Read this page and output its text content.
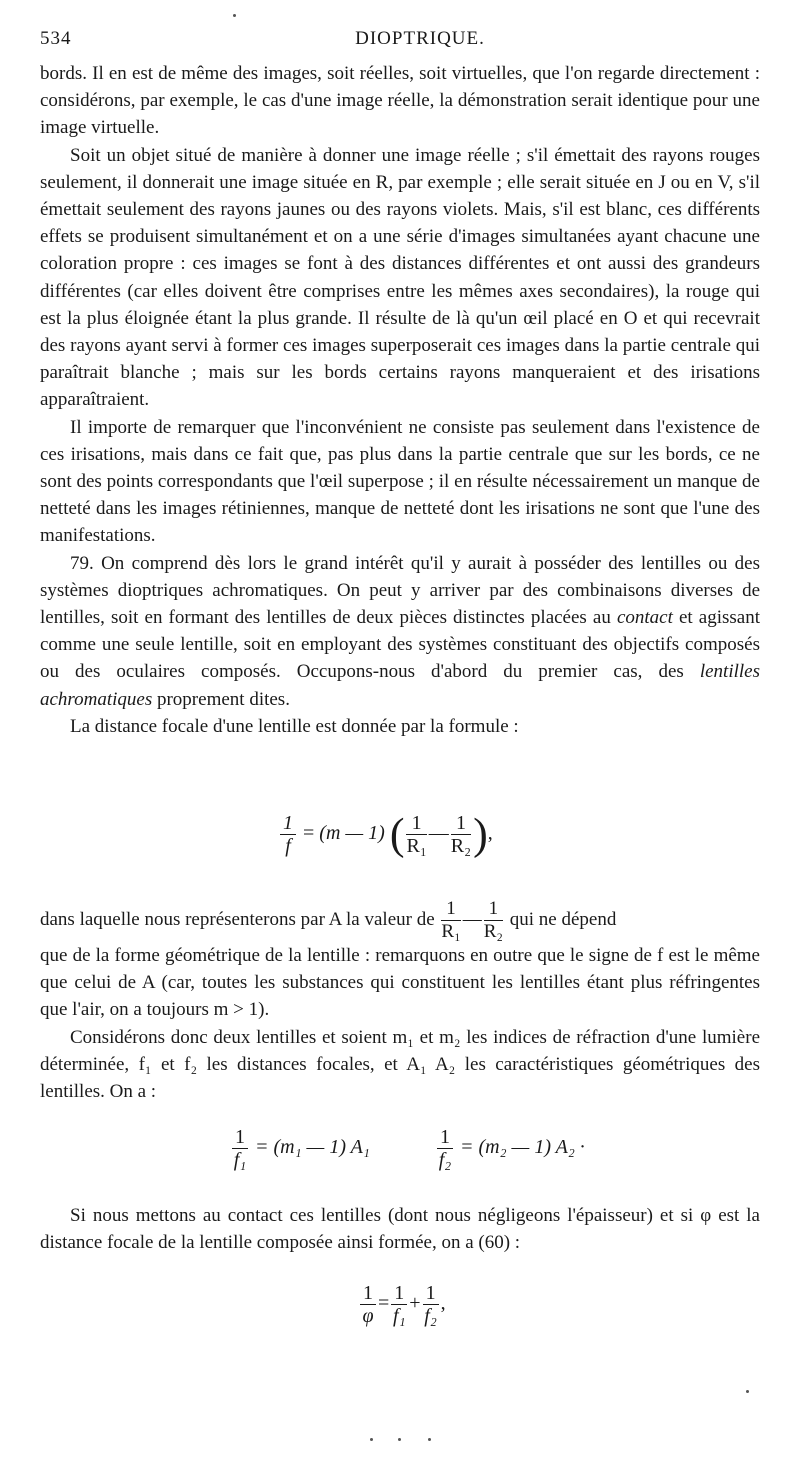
534	DIOPTRIQUE.

bords. Il en est de même des images, soit réelles, soit virtuelles, que l'on regarde directement : considérons, par exemple, le cas d'une image réelle, la démonstration serait identique pour une image virtuelle.

Soit un objet situé de manière à donner une image réelle ; s'il émettait des rayons rouges seulement, il donnerait une image située en R, par exemple ; elle serait située en J ou en V, s'il émettait seulement des rayons jaunes ou des rayons violets. Mais, s'il est blanc, ces différents effets se produisent simultanément et on a une série d'images simultanées ayant chacune une coloration propre : ces images se font à des distances différentes et ont aussi des grandeurs différentes (car elles doivent être comprises entre les mêmes axes secondaires), la rouge qui est la plus éloignée étant la plus grande. Il résulte de là qu'un œil placé en O et qui recevrait des rayons ayant servi à former ces images superposerait ces images dans la partie centrale qui paraîtrait blanche ; mais sur les bords certains rayons manqueraient et des irisations apparaîtraient.

Il importe de remarquer que l'inconvénient ne consiste pas seulement dans l'existence de ces irisations, mais dans ce fait que, pas plus dans la partie centrale que sur les bords, ce ne sont des points correspondants que l'œil superpose ; il en résulte nécessairement un manque de netteté dans les images rétiniennes, manque de netteté dont les irisations ne sont que l'une des manifestations.

79. On comprend dès lors le grand intérêt qu'il y aurait à posséder des lentilles ou des systèmes dioptriques achromatiques. On peut y arriver par des combinaisons diverses de lentilles, soit en formant des lentilles de deux pièces distinctes placées au contact et agissant comme une seule lentille, soit en employant des systèmes constituant des objectifs composés ou des oculaires composés. Occupons-nous d'abord du premier cas, des lentilles achromatiques proprement dites.

La distance focale d'une lentille est donnée par la formule :

$\frac{1}{f} = (m$ — 1) ( $\frac{1}{\text{R₁}}$ — $\frac{1}{\text{R₂}}$ ),

dans laquelle nous représenterons par A la valeur de $\frac{1}{\text{R₁}}$ — $\frac{1}{\text{R₂}}$ qui ne dépend

que de la forme géométrique de la lentille : remarquons en outre que le signe de f est le même que celui de A (car, toutes les substances qui constituent les lentilles étant plus réfringentes que l'air, on a toujours m > 1).

Considérons donc deux lentilles et soient m₁ et m₂ les indices de réfraction d'une lumière déterminée, f₁ et f₂ les distances focales, et A₁ A₂ les caractéristiques géométriques des lentilles. On a :

$\frac{1}{\text{f₁}} = (m_1$ — 1) A₁	$\frac{1}{\text{f₂}} = (m_2$ — 1) A₂ ·

Si nous mettons au contact ces lentilles (dont nous négligeons l'épaisseur) et si φ est la distance focale de la lentille composée ainsi formée, on a (60) :

$\frac{1}{\varphi} = \frac{1}{\text{f₁}} + \frac{1}{\text{f₂}}$ ,
